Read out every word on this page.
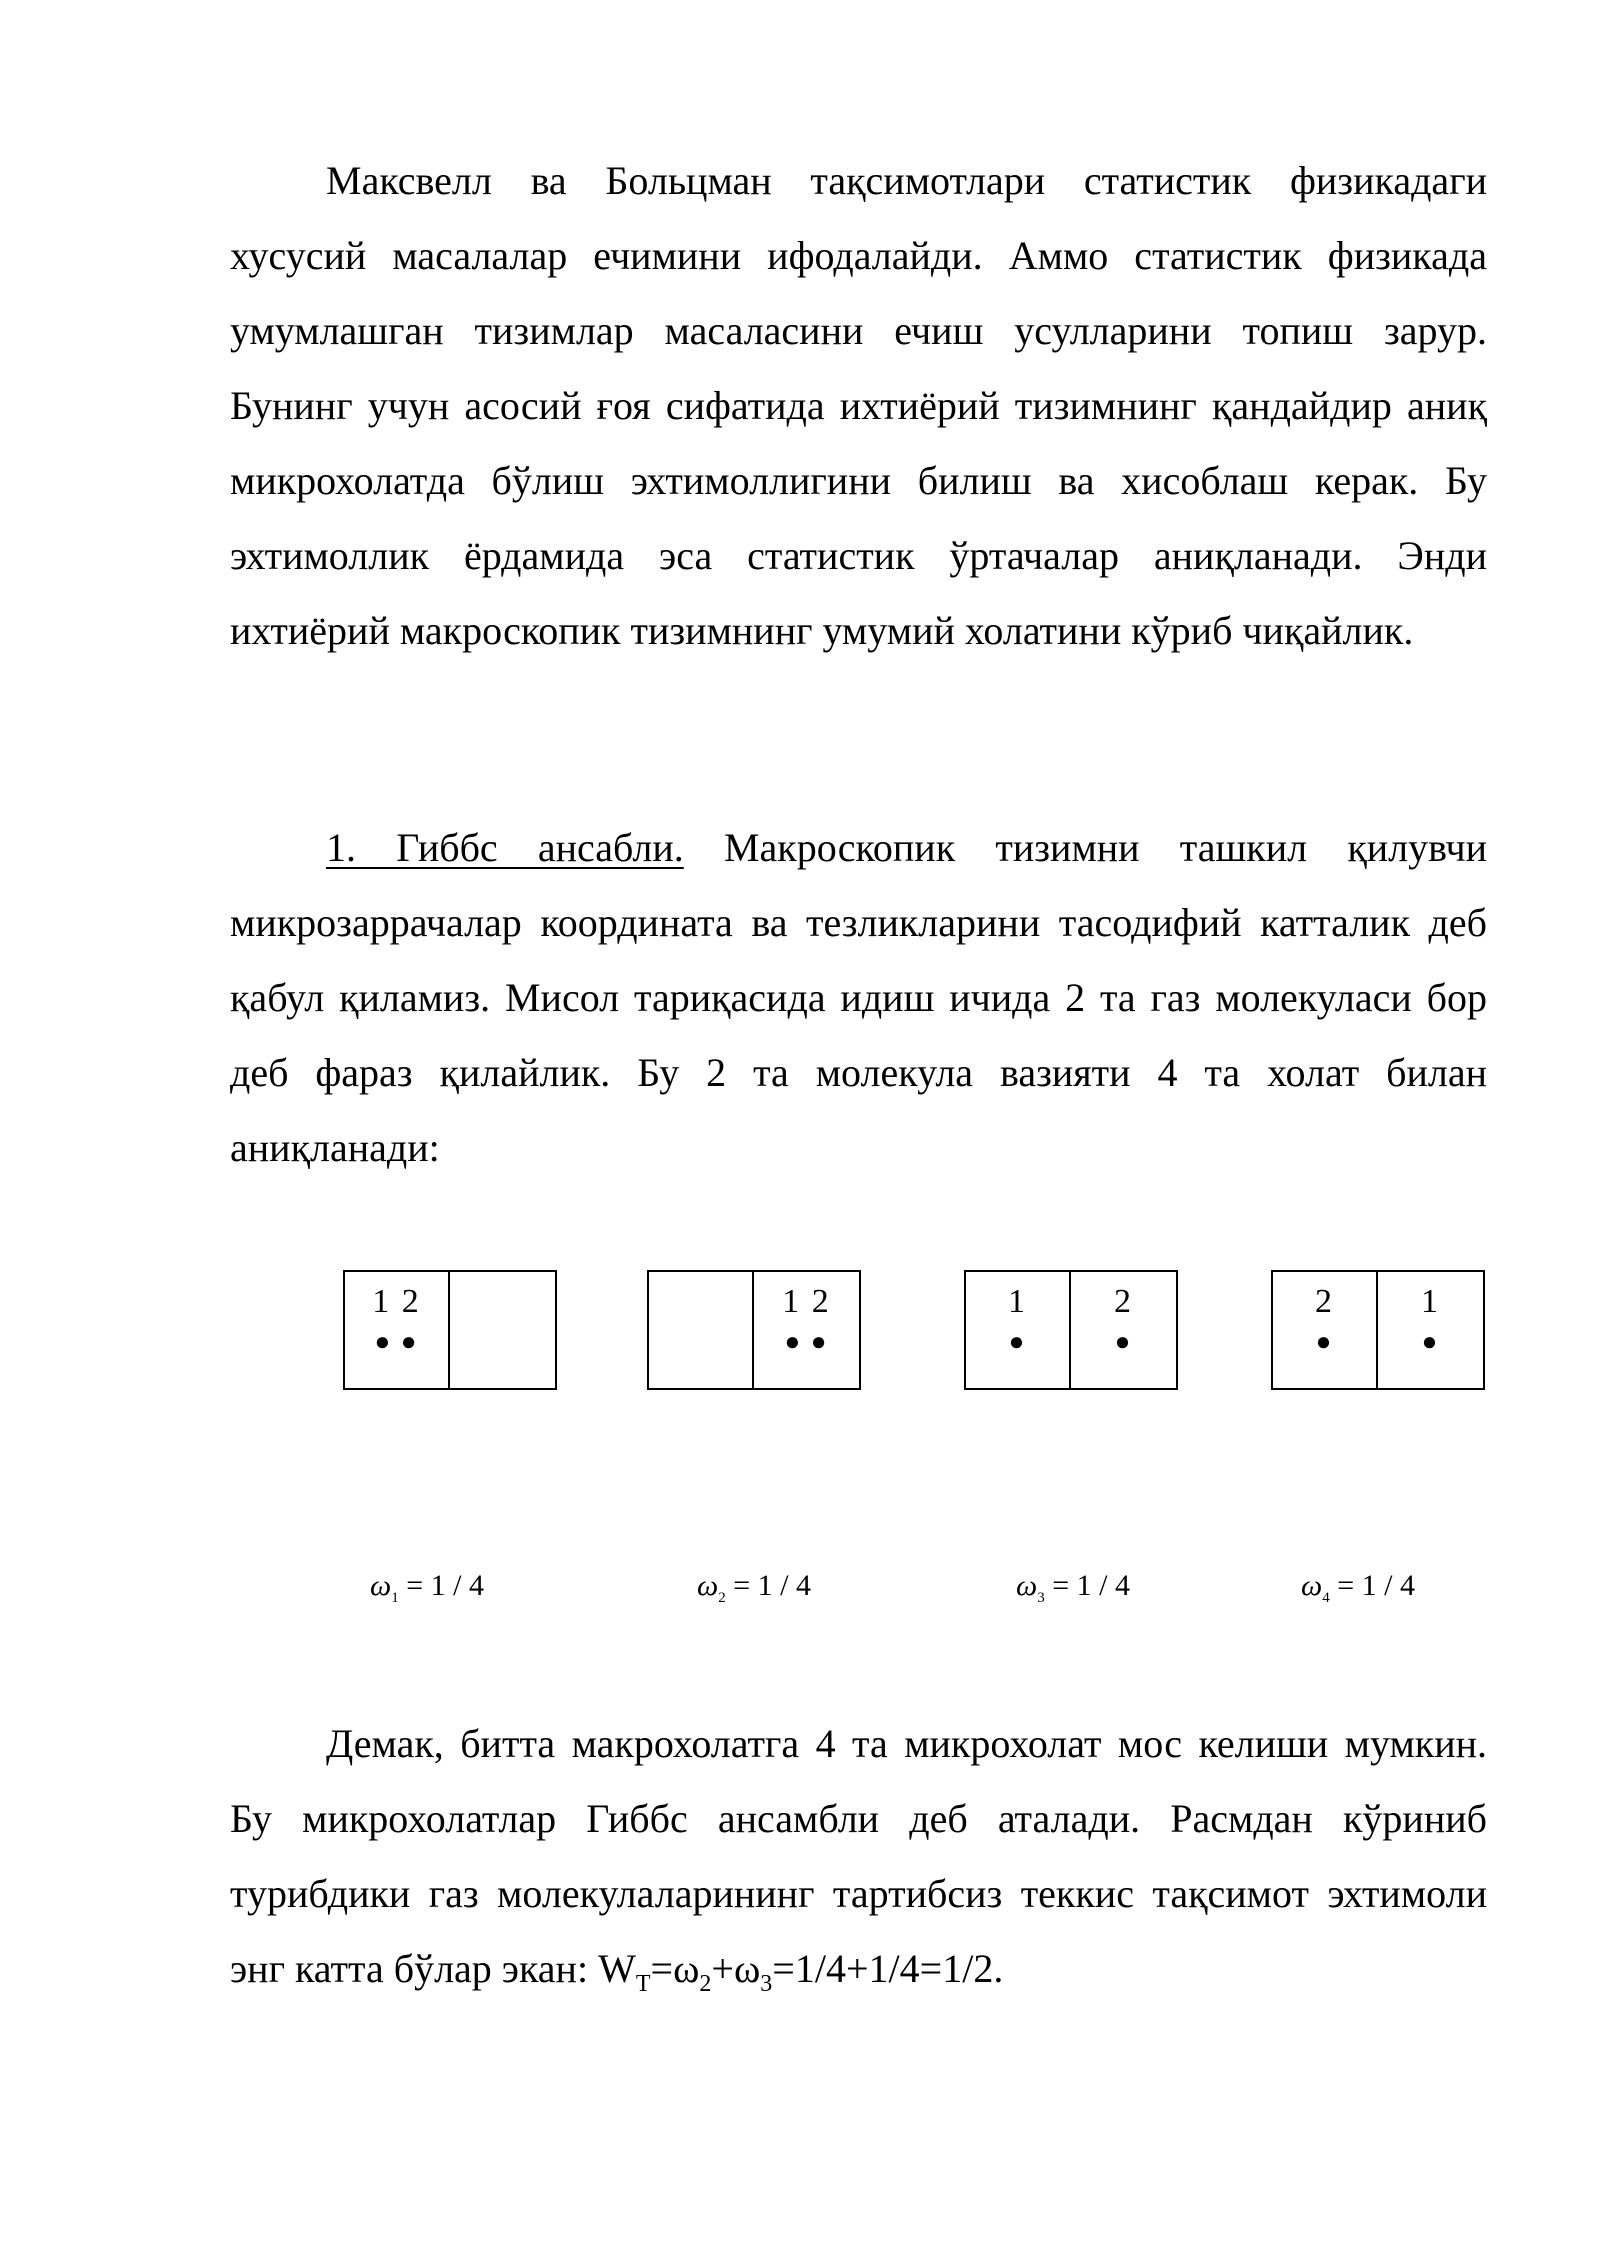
Максвелл ва Больцман тақсимотлари статистик физикадаги хусусий масалалар ечимини ифодалайди. Аммо статистик физикада умумлашган тизимлар масаласини ечиш усулларини топиш зарур. Бунинг учун асосий ғоя сифатида ихтиёрий тизимнинг қандайдир аниқ микрохолатда бўлиш эхтимоллигини билиш ва хисоблаш керак. Бу эхтимоллик ёрдамида эса статистик ўртачалар аниқланади. Энди ихтиёрий макроскопик тизимнинг умумий холатини кўриб чиқайлик.

1. Гиббс ансабли. Макроскопик тизимни ташкил қилувчи микрозаррачалар координата ва тезликларини тасодифий катталик деб қабул қиламиз. Мисол тариқасида идиш ичида 2 та газ молекуласи бор деб фараз қилайлик. Бу 2 та молекула вазияти 4 та холат билан аниқланади:

1 2
● ●
1 2
● ●
1
●
2
●
2
●
1
●
$\omega_1 = 1 / 4$	$\omega_2 = 1 / 4$	$\omega_3 = 1 / 4$	$\omega_4 = 1 / 4$

Демак, битта макрохолатга 4 та микрохолат мос келиши мумкин. Бу микрохолатлар Гиббс ансамбли деб аталади. Расмдан кўриниб турибдики газ молекулаларининг тартибсиз теккис тақсимот эхтимоли энг катта бўлар экан: $W_T=\omega_2+\omega_3=1/4+1/4=1/2$.
